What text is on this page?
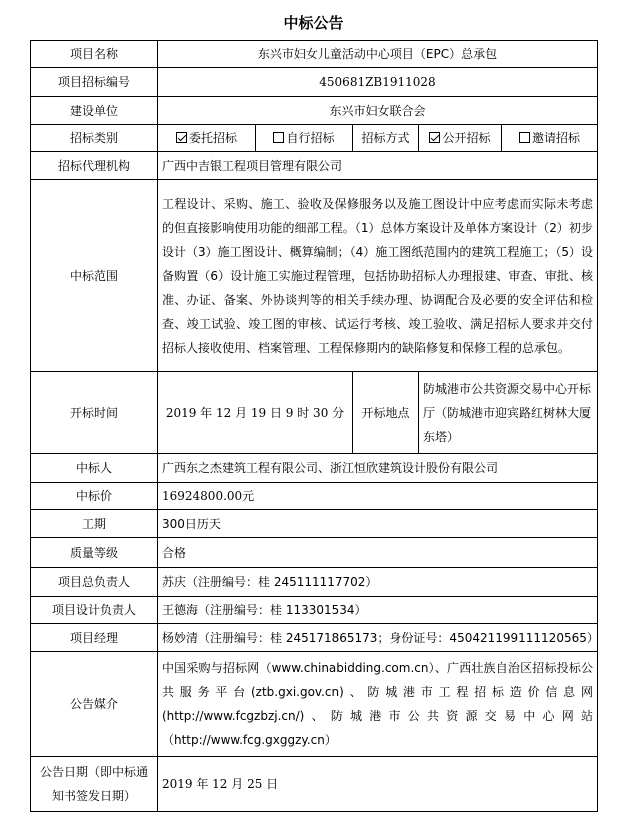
中标公告
项目名称	东兴市妇女儿童活动中心项目（EPC）总承包				
项目招标编号	450681ZB1911028				
建设单位	东兴市妇女联合会				
招标类别	委托招标	自行招标	招标方式	公开招标	邀请招标
招标代理机构	广西中吉银工程项目管理有限公司				
中标范围	工程设计、采购、施工、验收及保修服务以及施工图设计中应考虑而实际未考虑的但直接影响使用功能的细部工程。（1）总体方案设计及单体方案设计（2）初步设计（3）施工图设计、概算编制；（4）施工图纸范围内的建筑工程施工；（5）设备购置（6）设计施工实施过程管理，包括协助招标人办理报建、审查、审批、核准、办证、备案、外协谈判等的相关手续办理、协调配合及必要的安全评估和检查、竣工试验、竣工图的审核、试运行考核、竣工验收、满足招标人要求并交付招标人接收使用、档案管理、工程保修期内的缺陷修复和保修工程的总承包。				
开标时间	2019 年 12 月 19 日 9 时 30 分		开标地点	防城港市公共资源交易中心开标厅（防城港市迎宾路红树林大厦东塔）	
中标人	广西东之杰建筑工程有限公司、浙江恒欣建筑设计股份有限公司				
中标价	16924800.00元				
工期	300日历天				
质量等级	合格				
项目总负责人	苏庆（注册编号：桂 245111117702）				
项目设计负责人	王德海（注册编号：桂 113301534）				
项目经理	杨妙清（注册编号：桂 245171865173；身份证号：450421199111120565）				
公告媒介	中国采购与招标网（www.chinabidding.com.cn）、广西壮族自治区招标投标公共服务平台(ztb.gxi.gov.cn)、防城港市工程招标造价信息网(http://www.fcgzbzj.cn/)、防城港市公共资源交易中心网站（http://www.fcg.gxggzy.cn）				
公告日期（即中标通知书签发日期）	2019 年 12 月 25 日				
